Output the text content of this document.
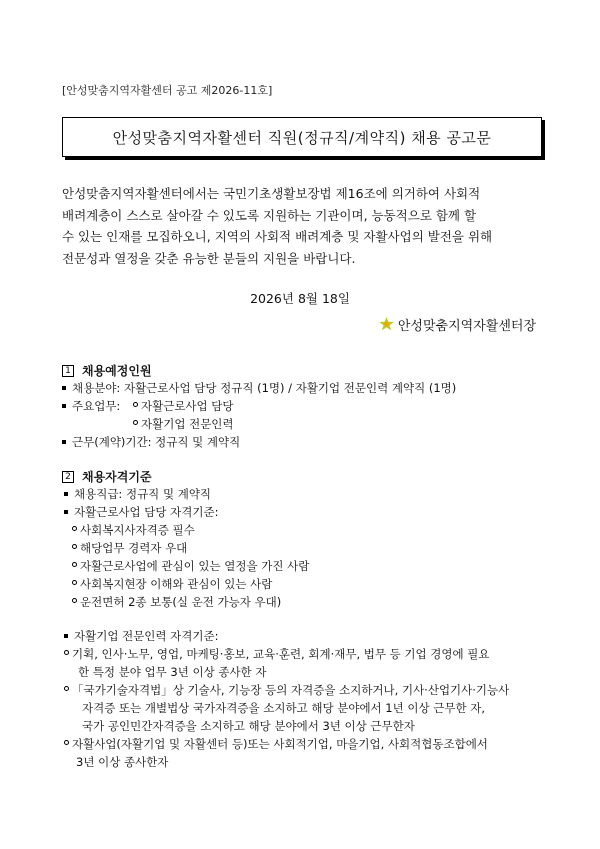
[안성맞춤지역자활센터 공고 제2026-11호]
안성맞춤지역자활센터 직원(정규직/계약직) 채용 공고문
안성맞춤지역자활센터에서는 국민기초생활보장법 제16조에 의거하여 사회적
배려계층이 스스로 살아갈 수 있도록 지원하는 기관이며, 능동적으로 함께 할
수 있는 인재를 모집하오니, 지역의 사회적 배려계층 및 자활사업의 발전을 위해
전문성과 열정을 갖춘 유능한 분들의 지원을 바랍니다.
2026년 8월 18일
안성맞춤지역자활센터장
1 채용예정인원
채용분야: 자활근로사업 담당 정규직 (1명) / 자활기업 전문인력 계약직 (1명)
주요업무:	자활근로사업 담당
자활기업 전문인력
근무(계약)기간: 정규직 및 계약직
2 채용자격기준
채용직급: 정규직 및 계약직
자활근로사업 담당 자격기준:
사회복지사자격증 필수
해당업무 경력자 우대
자활근로사업에 관심이 있는 열정을 가진 사람
사회복지현장 이해와 관심이 있는 사람
운전면허 2종 보통(실 운전 가능자 우대)
자활기업 전문인력 자격기준:
기획, 인사·노무, 영업, 마케팅·홍보, 교육·훈련, 회계·재무, 법무 등 기업 경영에 필요
한 특정 분야 업무 3년 이상 종사한 자
「국가기술자격법」상 기술사, 기능장 등의 자격증을 소지하거나, 기사·산업기사·기능사
자격증 또는 개별법상 국가자격증을 소지하고 해당 분야에서 1년 이상 근무한 자,
국가 공인민간자격증을 소지하고 해당 분야에서 3년 이상 근무한자
자활사업(자활기업 및 자활센터 등)또는 사회적기업, 마을기업, 사회적협동조합에서
3년 이상 종사한자
